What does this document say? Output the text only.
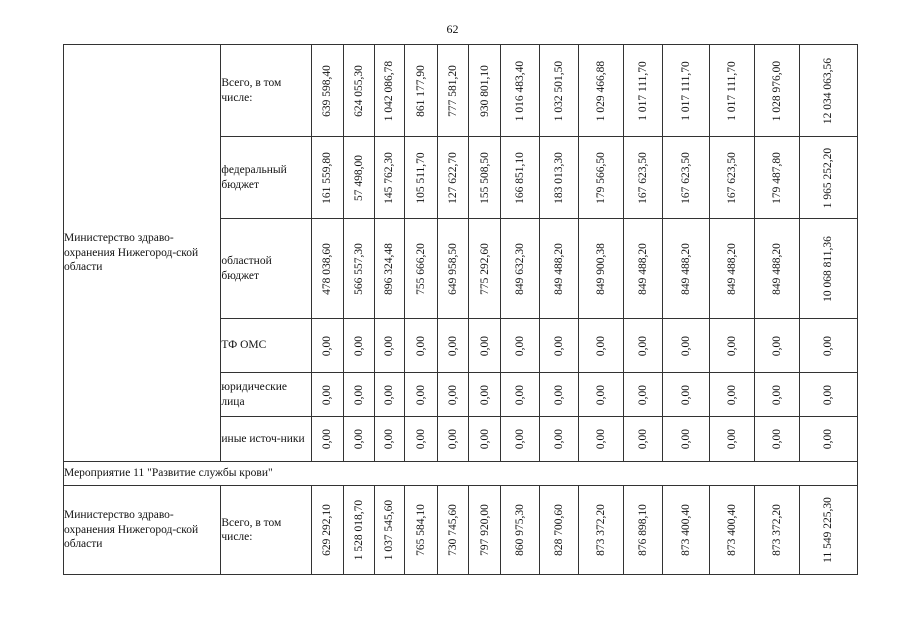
62
Министерство здраво-охранения Нижегород-ской области	Всего, в том числе:	639 598,40	624 055,30	1 042 086,78	861 177,90	777 581,20	930 801,10	1 016 483,40	1 032 501,50	1 029 466,88	1 017 111,70	1 017 111,70	1 017 111,70	1 028 976,00	12 034 063,56

	федеральный бюджет	161 559,80	57 498,00	145 762,30	105 511,70	127 622,70	155 508,50	166 851,10	183 013,30	179 566,50	167 623,50	167 623,50	167 623,50	179 487,80	1 965 252,20

	областной бюджет	478 038,60	566 557,30	896 324,48	755 666,20	649 958,50	775 292,60	849 632,30	849 488,20	849 900,38	849 488,20	849 488,20	849 488,20	849 488,20	10 068 811,36

	ТФ ОМС	0,00	0,00	0,00	0,00	0,00	0,00	0,00	0,00	0,00	0,00	0,00	0,00	0,00	0,00

	юридические лица	0,00	0,00	0,00	0,00	0,00	0,00	0,00	0,00	0,00	0,00	0,00	0,00	0,00	0,00

	иные источ-ники	0,00	0,00	0,00	0,00	0,00	0,00	0,00	0,00	0,00	0,00	0,00	0,00	0,00	0,00

Мероприятие 11 "Развитие службы крови"															
Министерство здраво-охранения Нижегород-ской области	Всего, в том числе:	629 292,10	1 528 018,70	1 037 545,60	765 584,10	730 745,60	797 920,00	860 975,30	828 700,60	873 372,20	876 898,10	873 400,40	873 400,40	873 372,20	11 549 225,30
